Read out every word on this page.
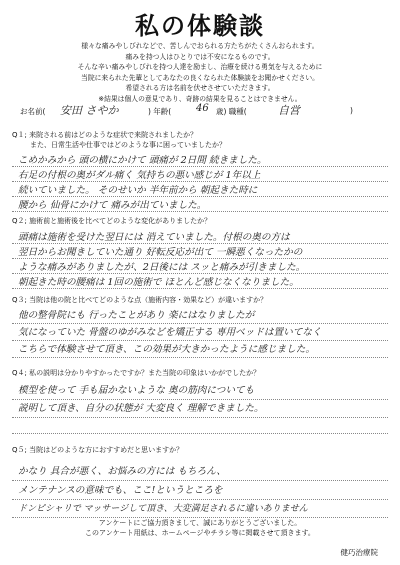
私の体験談
様々な痛みやしびれなどで、苦しんでおられる方たちがたくさんおられます。
痛みを持つ人はひとりでは不安になるものです。
そんな辛い痛みやしびれを持つ人達を励まし、治療を続ける勇気を与えるために
当院に来られた先輩としてあなたの良くなられた体験談をお聞かせください。
希望される方は名前を伏せさせていただきます。
※結果は個人の意見であり、奇跡の結果を見ることはできません。
お名前( 安田 さやか	) 年齢( 46 歳) 職種(	自営	)
Q１; 来院される前はどのような症状で来院されましたか？
また、日常生活や仕事ではどのような事に困っていましたか？
こめかみから 頭の横にかけて 頭痛が 2日間 続きました。
右足の付根の奥がダル痛く 気持ちの悪い感じが 1年以上
続いていました。 そのせいか 半年前から 朝起きた時に
腰から 仙骨にかけて 痛みが出ていました。
Q２; 施術前と施術後を比べてどのような変化がありましたか？
頭痛は施術を受けた翌日には 消えていました。付根の奥の方は
翌日からお聞きしていた通り 好転反応が出て 一瞬悪くなったかの
ような痛みがありましたが、2日後には スッと痛みが引きました。
朝起きた時の腰痛は 1回の施術で ほとんど感じなくなりました。
Q３; 当院は他の院と比べてどのような点（施術内容・効果など）が違いますか？
他の整骨院にも 行ったことがあり 楽にはなりましたが
気になっていた 骨盤のゆがみなどを矯正する 専用ベッドは置いてなく
こちらで体験させて頂き、この効果が大きかったように感じました。
Q４; 私の説明は分かりやすかったですか？また当院の印象はいかがでしたか？
模型を使って 手も届かないような 奥の筋肉についても
説明して頂き、自分の状態が 大変良く 理解できました。
Q５; 当院はどのような方におすすめだと思いますか？
かなり 具合が悪く、お悩みの方には もちろん、
メンテナンスの意味でも、ここ!というところを
ドンピシャリで マッサージして頂き、大変満足されるに違いありません
アンケートにご協力頂きまして、誠にありがとうございました。
このアンケート用紙は、ホームページやチラシ等に掲載させて頂きます。
健巧治療院
